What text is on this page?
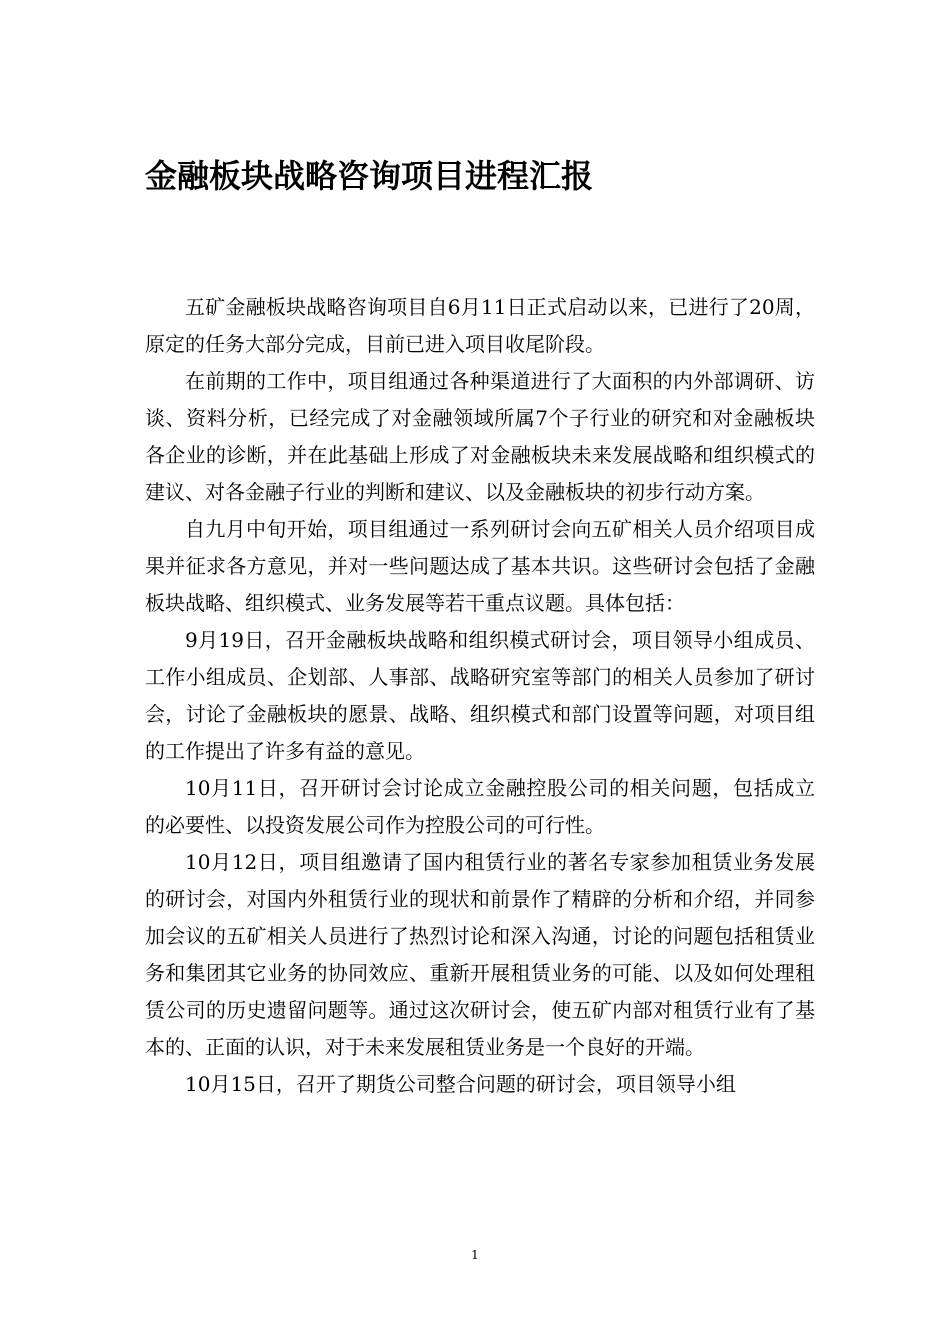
金融板块战略咨询项目进程汇报

五矿金融板块战略咨询项目自6月11日正式启动以来，已进行了20周，原定的任务大部分完成，目前已进入项目收尾阶段。

在前期的工作中，项目组通过各种渠道进行了大面积的内外部调研、访谈、资料分析，已经完成了对金融领域所属7个子行业的研究和对金融板块各企业的诊断，并在此基础上形成了对金融板块未来发展战略和组织模式的建议、对各金融子行业的判断和建议、以及金融板块的初步行动方案。

自九月中旬开始，项目组通过一系列研讨会向五矿相关人员介绍项目成果并征求各方意见，并对一些问题达成了基本共识。这些研讨会包括了金融板块战略、组织模式、业务发展等若干重点议题。具体包括：

9月19日，召开金融板块战略和组织模式研讨会，项目领导小组成员、工作小组成员、企划部、人事部、战略研究室等部门的相关人员参加了研讨会，讨论了金融板块的愿景、战略、组织模式和部门设置等问题，对项目组的工作提出了许多有益的意见。

10月11日，召开研讨会讨论成立金融控股公司的相关问题，包括成立的必要性、以投资发展公司作为控股公司的可行性。

10月12日，项目组邀请了国内租赁行业的著名专家参加租赁业务发展的研讨会，对国内外租赁行业的现状和前景作了精辟的分析和介绍，并同参加会议的五矿相关人员进行了热烈讨论和深入沟通，讨论的问题包括租赁业务和集团其它业务的协同效应、重新开展租赁业务的可能、以及如何处理租赁公司的历史遗留问题等。通过这次研讨会，使五矿内部对租赁行业有了基本的、正面的认识，对于未来发展租赁业务是一个良好的开端。

10月15日，召开了期货公司整合问题的研讨会，项目领导小组

1
